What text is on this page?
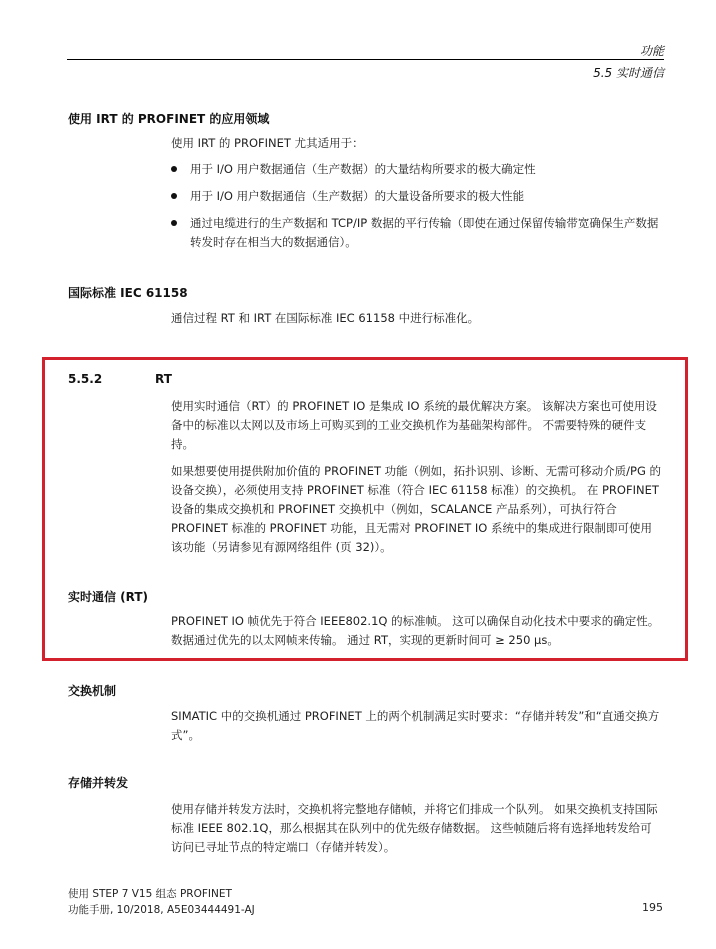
功能
5.5 实时通信
使用 IRT 的 PROFINET 的应用领域
使用 IRT 的 PROFINET 尤其适用于：
用于 I/O 用户数据通信（生产数据）的大量结构所要求的极大确定性
用于 I/O 用户数据通信（生产数据）的大量设备所要求的极大性能
通过电缆进行的生产数据和 TCP/IP 数据的平行传输（即使在通过保留传输带宽确保生产数据转发时存在相当大的数据通信）。
国际标准 IEC 61158
通信过程 RT 和 IRT 在国际标准 IEC 61158 中进行标准化。
5.5.2	RT
使用实时通信（RT）的 PROFINET IO 是集成 IO 系统的最优解决方案。 该解决方案也可使用设备中的标准以太网以及市场上可购买到的工业交换机作为基础架构部件。 不需要特殊的硬件支持。
如果想要使用提供附加价值的 PROFINET 功能（例如，拓扑识别、诊断、无需可移动介质/PG 的设备交换），必须使用支持 PROFINET 标准（符合 IEC 61158 标准）的交换机。 在 PROFINET 设备的集成交换机和 PROFINET 交换机中（例如，SCALANCE 产品系列），可执行符合 PROFINET 标准的 PROFINET 功能，且无需对 PROFINET IO 系统中的集成进行限制即可使用该功能（另请参见有源网络组件 (页 32)）。
实时通信 (RT)
PROFINET IO 帧优先于符合 IEEE802.1Q 的标准帧。 这可以确保自动化技术中要求的确定性。 数据通过优先的以太网帧来传输。 通过 RT，实现的更新时间可 ≥ 250 μs。
交换机制
SIMATIC 中的交换机通过 PROFINET 上的两个机制满足实时要求：“存储并转发”和“直通交换方式”。
存储并转发
使用存储并转发方法时，交换机将完整地存储帧，并将它们排成一个队列。 如果交换机支持国际标准 IEEE 802.1Q，那么根据其在队列中的优先级存储数据。 这些帧随后将有选择地转发给可访问已寻址节点的特定端口（存储并转发）。
使用 STEP 7 V15 组态 PROFINET
功能手册, 10/2018, A5E03444491-AJ	195
